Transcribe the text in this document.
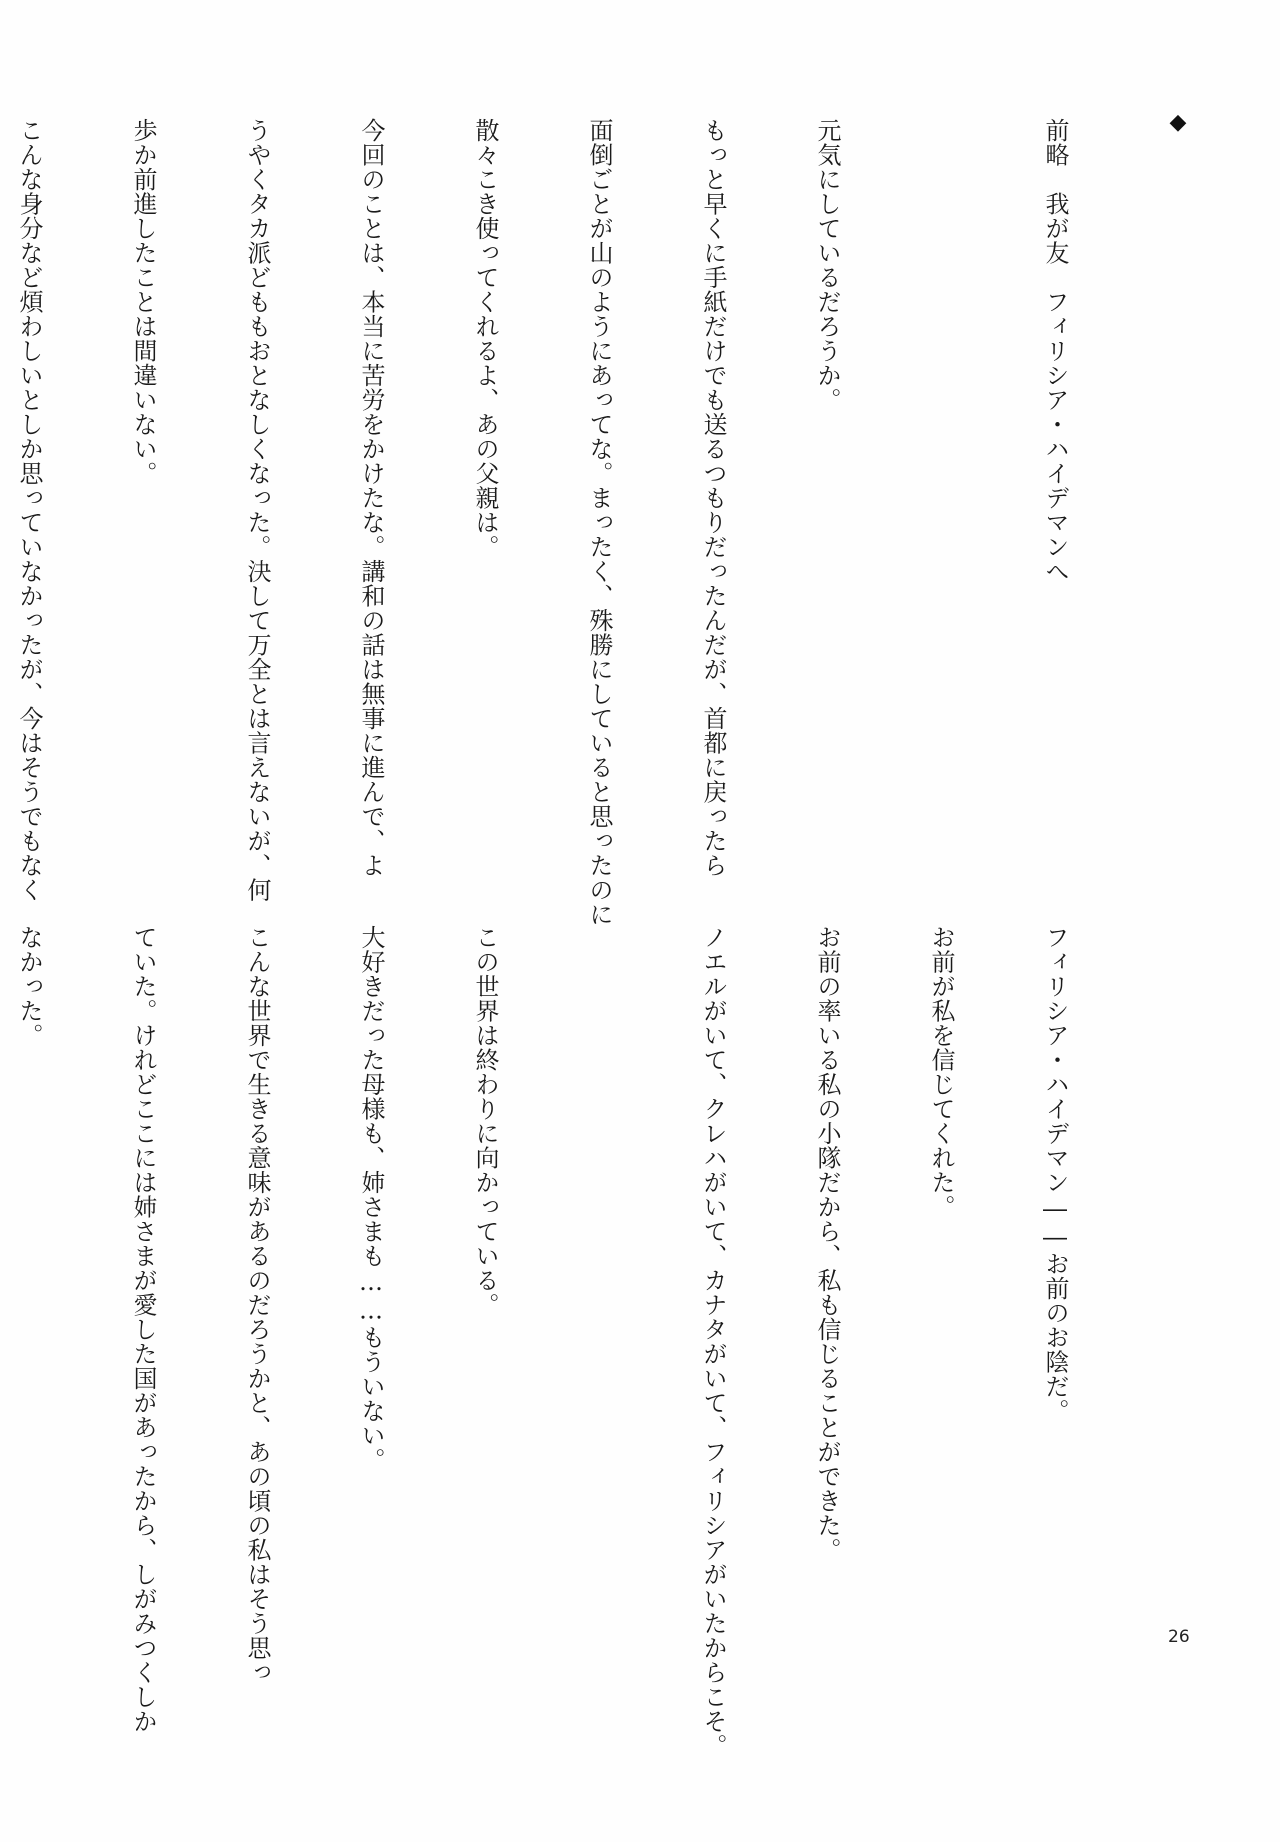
◆

前略　我が友　フィリシア・ハイデマンへ

元気にしているだろうか。

もっと早くに手紙だけでも送るつもりだったんだが、首都に戻ったら

面倒ごとが山のようにあってな。まったく、殊勝にしていると思ったのに

散々こき使ってくれるよ、あの父親は。

今回のことは、本当に苦労をかけたな。講和の話は無事に進んで、よ

うやくタカ派どももおとなしくなった。決して万全とは言えないが、何

歩か前進したことは間違いない。

こんな身分など煩わしいとしか思っていなかったが、今はそうでもなく

フィリシア・ハイデマン――お前のお陰だ。

お前が私を信じてくれた。

お前の率いる私の小隊だから、私も信じることができた。

ノエルがいて、クレハがいて、カナタがいて、フィリシアがいたからこそ。

この世界は終わりに向かっている。

大好きだった母様も、姉さまも……もういない。

こんな世界で生きる意味があるのだろうかと、あの頃の私はそう思っ

ていた。けれどここには姉さまが愛した国があったから、しがみつくしか

なかった。

26
